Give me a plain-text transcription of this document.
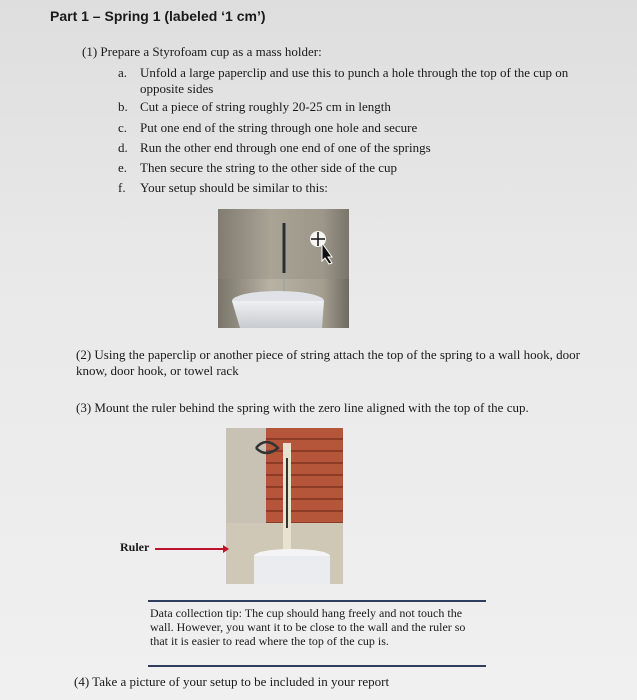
Part 1 – Spring 1 (labeled ‘1 cm’)
(1) Prepare a Styrofoam cup as a mass holder:
a. Unfold a large paperclip and use this to punch a hole through the top of the cup on opposite sides
b. Cut a piece of string roughly 20-25 cm in length
c. Put one end of the string through one hole and secure
d. Run the other end through one end of one of the springs
e. Then secure the string to the other side of the cup
f. Your setup should be similar to this:
(2) Using the paperclip or another piece of string attach the top of the spring to a wall hook, door know, door hook, or towel rack
(3) Mount the ruler behind the spring with the zero line aligned with the top of the cup.
Ruler
Data collection tip: The cup should hang freely and not touch the wall. However, you want it to be close to the wall and the ruler so that it is easier to read where the top of the cup is.
(4) Take a picture of your setup to be included in your report
